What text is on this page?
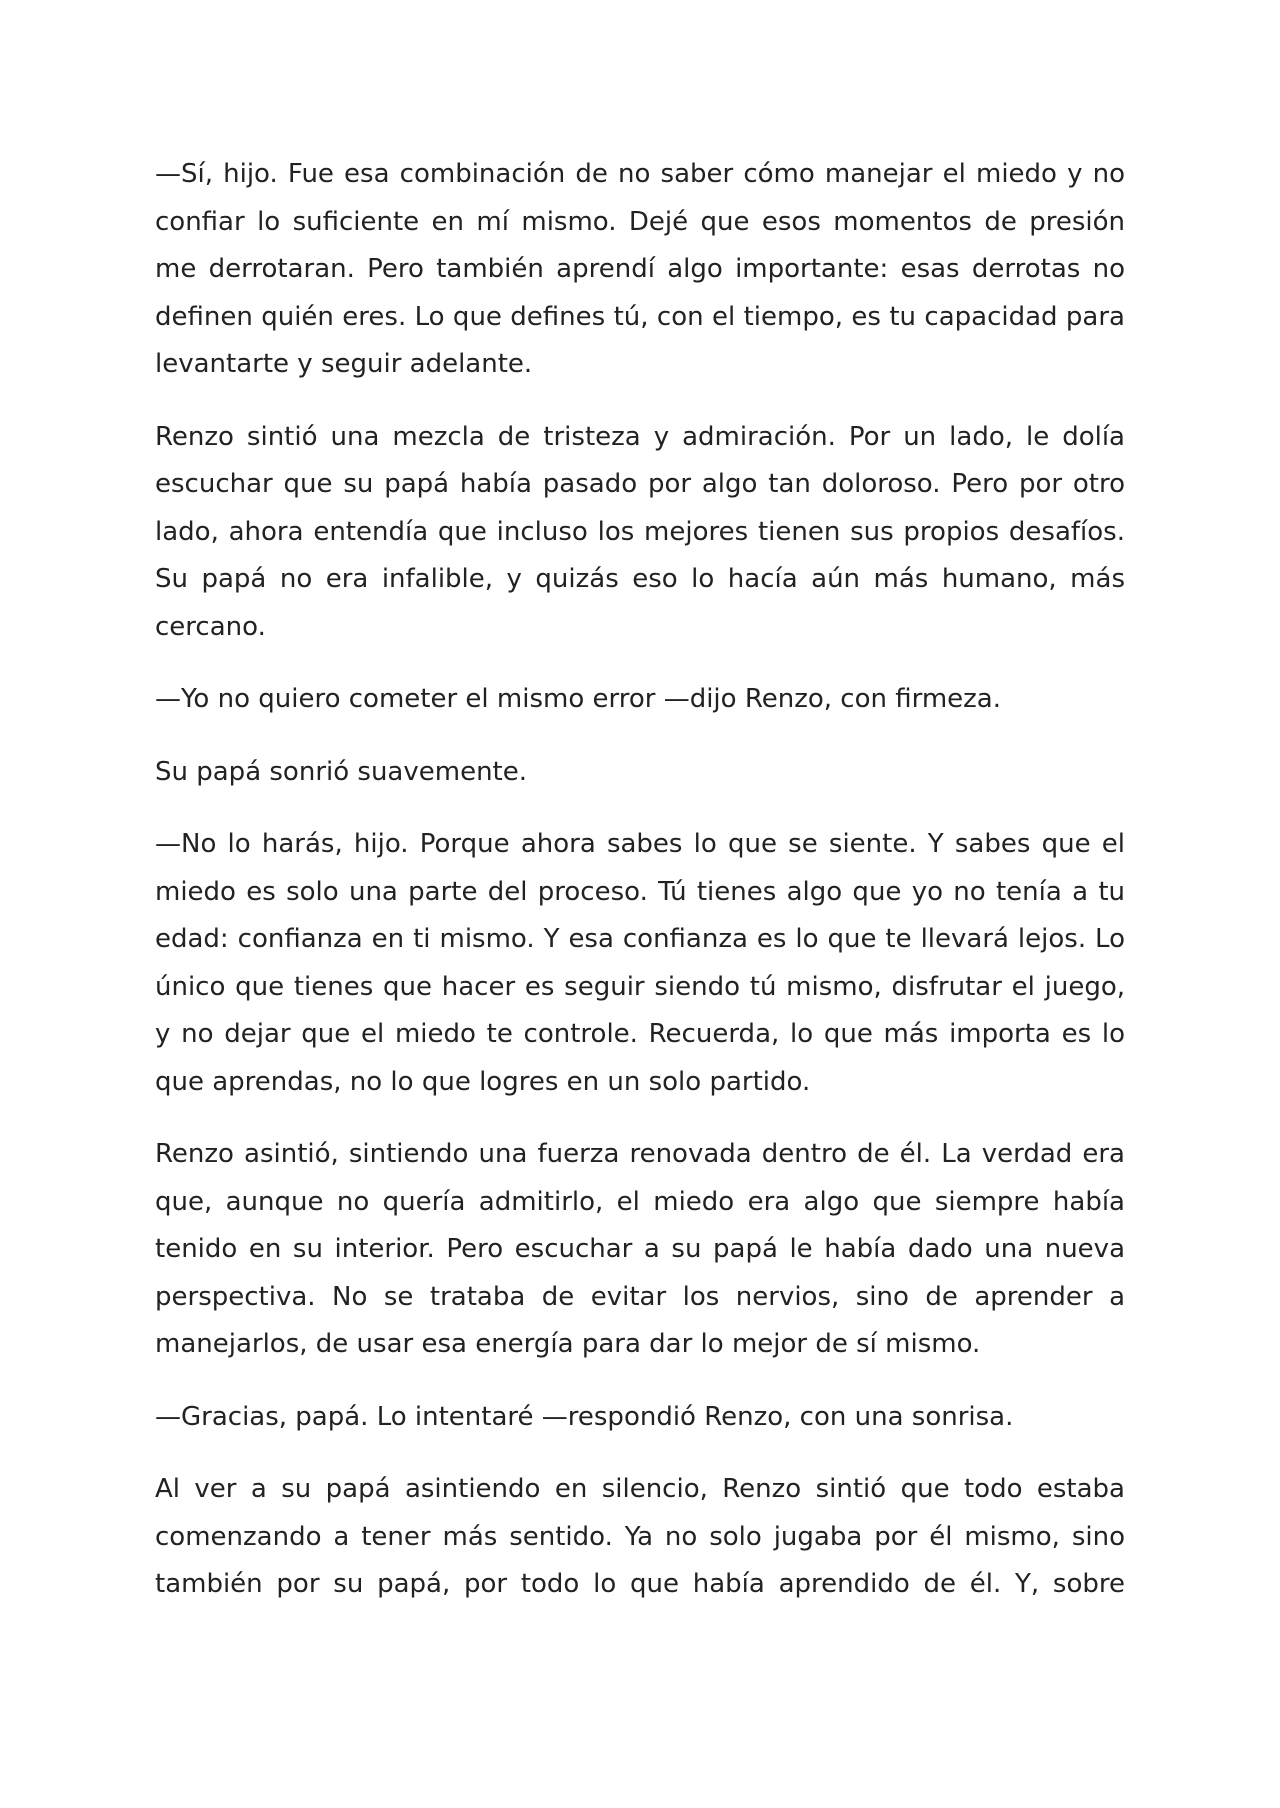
—Sí, hijo. Fue esa combinación de no saber cómo manejar el miedo y no confiar lo suficiente en mí mismo. Dejé que esos momentos de presión me derrotaran. Pero también aprendí algo importante: esas derrotas no definen quién eres. Lo que defines tú, con el tiempo, es tu capacidad para levantarte y seguir adelante.

Renzo sintió una mezcla de tristeza y admiración. Por un lado, le dolía escuchar que su papá había pasado por algo tan doloroso. Pero por otro lado, ahora entendía que incluso los mejores tienen sus propios desafíos. Su papá no era infalible, y quizás eso lo hacía aún más humano, más cercano.

—Yo no quiero cometer el mismo error —dijo Renzo, con firmeza.

Su papá sonrió suavemente.

—No lo harás, hijo. Porque ahora sabes lo que se siente. Y sabes que el miedo es solo una parte del proceso. Tú tienes algo que yo no tenía a tu edad: confianza en ti mismo. Y esa confianza es lo que te llevará lejos. Lo único que tienes que hacer es seguir siendo tú mismo, disfrutar el juego, y no dejar que el miedo te controle. Recuerda, lo que más importa es lo que aprendas, no lo que logres en un solo partido.

Renzo asintió, sintiendo una fuerza renovada dentro de él. La verdad era que, aunque no quería admitirlo, el miedo era algo que siempre había tenido en su interior. Pero escuchar a su papá le había dado una nueva perspectiva. No se trataba de evitar los nervios, sino de aprender a manejarlos, de usar esa energía para dar lo mejor de sí mismo.

—Gracias, papá. Lo intentaré —respondió Renzo, con una sonrisa.

Al ver a su papá asintiendo en silencio, Renzo sintió que todo estaba comenzando a tener más sentido. Ya no solo jugaba por él mismo, sino también por su papá, por todo lo que había aprendido de él. Y, sobre
